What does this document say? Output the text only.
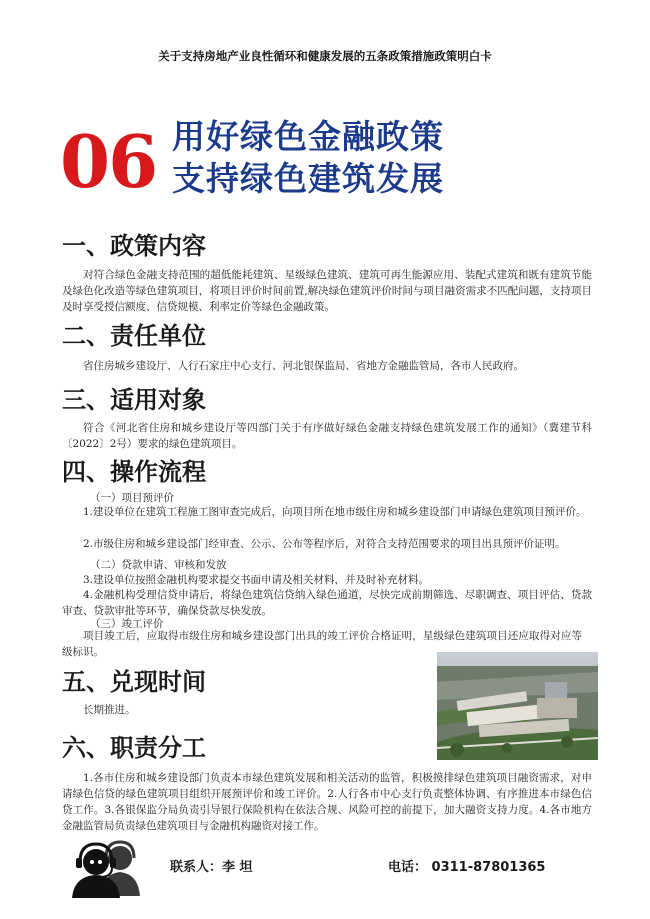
关于支持房地产业良性循环和健康发展的五条政策措施政策明白卡
06 用好绿色金融政策
支持绿色建筑发展
一、政策内容
对符合绿色金融支持范围的超低能耗建筑、星级绿色建筑、建筑可再生能源应用、装配式建筑和既有建筑节能及绿色化改造等绿色建筑项目，将项目评价时间前置,解决绿色建筑评价时间与项目融资需求不匹配问题，支持项目及时享受授信额度、信贷规模、利率定价等绿色金融政策。
二、责任单位
省住房城乡建设厅、人行石家庄中心支行、河北银保监局、省地方金融监管局，各市人民政府。
三、适用对象
符合《河北省住房和城乡建设厅等四部门关于有序做好绿色金融支持绿色建筑发展工作的通知》（冀建节科〔2022〕2号）要求的绿色建筑项目。
四、操作流程
（一）项目预评价
1.建设单位在建筑工程施工图审查完成后，向项目所在地市级住房和城乡建设部门申请绿色建筑项目预评价。
2.市级住房和城乡建设部门经审查、公示、公布等程序后，对符合支持范围要求的项目出具预评价证明。
（二）贷款申请、审核和发放
3.建设单位按照金融机构要求提交书面申请及相关材料，并及时补充材料。
4.金融机构受理信贷申请后，将绿色建筑信贷纳入绿色通道，尽快完成前期筛选、尽职调查、项目评估、贷款审查、贷款审批等环节，确保贷款尽快发放。
（三）竣工评价
项目竣工后，应取得市级住房和城乡建设部门出具的竣工评价合格证明，星级绿色建筑项目还应取得对应等级标识。
五、兑现时间
长期推进。
六、职责分工
1.各市住房和城乡建设部门负责本市绿色建筑发展和相关活动的监管，积极摸排绿色建筑项目融资需求，对申请绿色信贷的绿色建筑项目组织开展预评价和竣工评价。2.人行各市中心支行负责整体协调、有序推进本市绿色信贷工作。3.各银保监分局负责引导银行保险机构在依法合规、风险可控的前提下，加大融资支持力度。4.各市地方金融监管局负责绿色建筑项目与金融机构融资对接工作。
联系人：李 坦	电话： 0311-87801365
